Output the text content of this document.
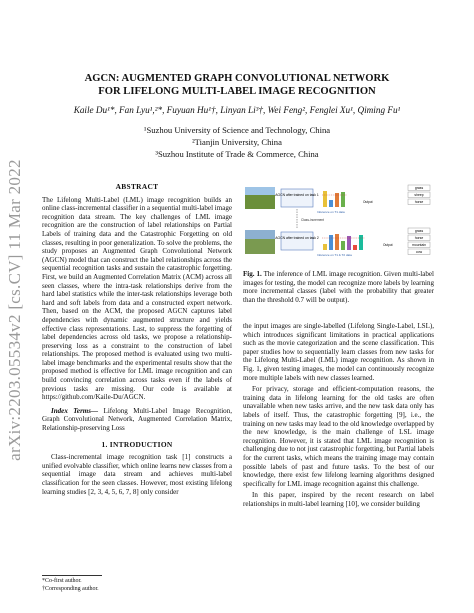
arXiv:2203.05534v2 [cs.CV] 11 Mar 2022
AGCN: AUGMENTED GRAPH CONVOLUTIONAL NETWORK
FOR LIFELONG MULTI-LABEL IMAGE RECOGNITION
Kaile Du¹*, Fan Lyu¹,²*, Fuyuan Hu¹†, Linyan Li³†, Wei Feng², Fenglei Xu¹, Qiming Fu¹
¹Suzhou University of Science and Technology, China
²Tianjin University, China
³Suzhou Institute of Trade & Commerce, China
ABSTRACT

The Lifelong Multi-Label (LML) image recognition builds an online class-incremental classifier in a sequential multi-label image recognition data stream. The key challenges of LML image recognition are the construction of label relationships on Partial Labels of training data and the Catastrophic Forgetting on old classes, resulting in poor generalization. To solve the problems, the study proposes an Augmented Graph Convolutional Network (AGCN) model that can construct the label relationships across the sequential recognition tasks and sustain the catastrophic forgetting. First, we build an Augmented Correlation Matrix (ACM) across all seen classes, where the intra-task relationships derive from the hard label statistics while the inter-task relationships leverage both hard and soft labels from data and a constructed expert network. Then, based on the ACM, the proposed AGCN captures label dependencies with dynamic augmented structure and yields effective class representations. Last, to suppress the forgetting of label dependencies across old tasks, we propose a relationship-preserving loss as a constraint to the construction of label relationships. The proposed method is evaluated using two multi-label image benchmarks and the experimental results show that the proposed method is effective for LML image recognition and can build convincing correlation across tasks even if the labels of previous tasks are missing. Our code is available at https://github.com/Kaile-Du/AGCN.

Index Terms— Lifelong Multi-Label Image Recognition, Graph Convolutional Network, Augmented Correlation Matrix, Relationship-preserving Loss

1. INTRODUCTION

Class-incremental image recognition task [1] constructs a unified evolvable classifier, which online learns new classes from a sequential image data stream and achieves multi-label classification for the seen classes. However, most existing lifelong learning studies [2, 3, 4, 5, 6, 7, 8] only consider

*Co-first author.
†Corresponding author.
AGCN after trained on task 1
AGCN after trained on task 2
Class-increment
Inference on T1 data
Inference on T1 & T2 data
Output
Output
grass
sheep
horse
grass
horse
mountain
cow
Fig. 1. The inference of LML image recognition. Given multi-label images for testing, the model can recognize more labels by learning more incremental classes (label with the probability that greater than the threshold 0.7 will be output).

the input images are single-labelled (Lifelong Single-Label, LSL), which introduces significant limitations in practical applications such as the movie categorization and the scene classification. This paper studies how to sequentially learn classes from new tasks for the Lifelong Multi-Label (LML) image recognition. As shown in Fig. 1, given testing images, the model can continuously recognize more multiple labels with new classes learned.

For privacy, storage and efficient-computation reasons, the training data in lifelong learning for the old tasks are often unavailable when new tasks arrive, and the new task data only has labels of itself. Thus, the catastrophic forgetting [9], i.e., the training on new tasks may lead to the old knowledge overlapped by the new knowledge, is the main challenge of LSL image recognition. However, it is stated that LML image recognition is challenging due to not just catastrophic forgetting, but Partial labels for the current tasks, which means the training image may contain possible labels of past and future tasks. To the best of our knowledge, there exist few lifelong learning algorithms designed specifically for LML image recognition against this challenge.

In this paper, inspired by the recent research on label relationships in multi-label learning [10], we consider building
